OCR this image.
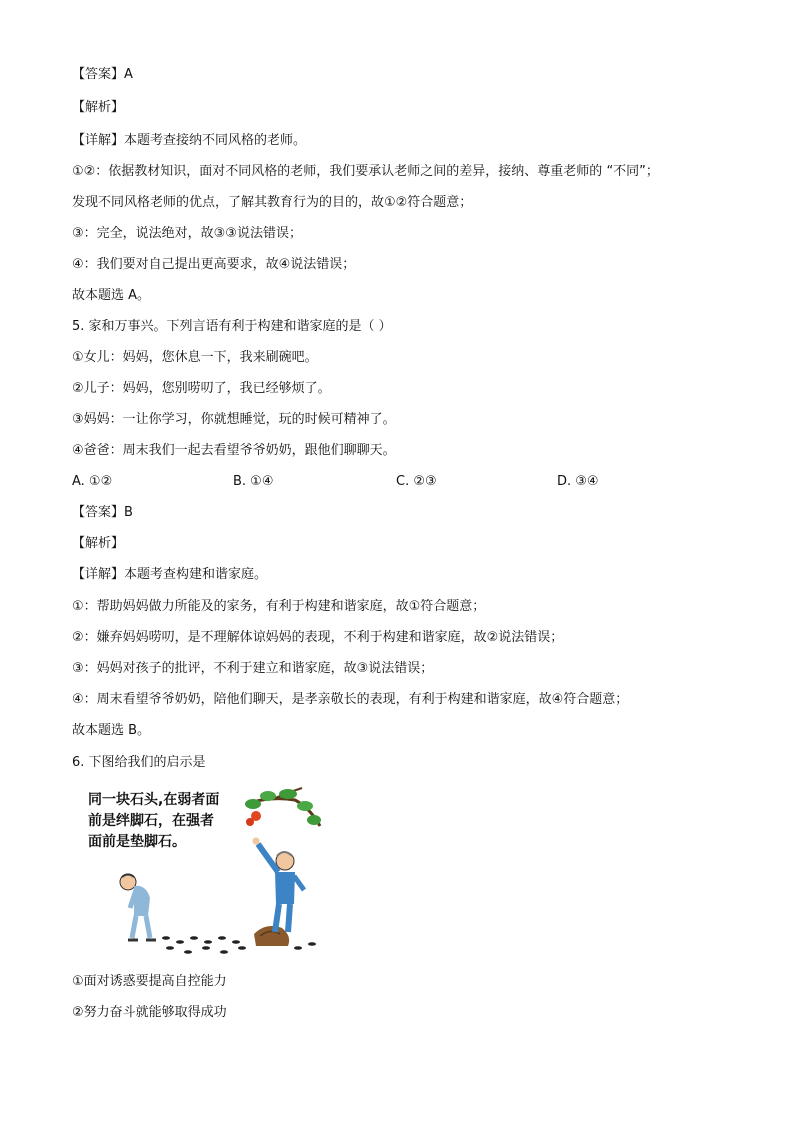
【答案】A
【解析】
【详解】本题考查接纳不同风格的老师。
①②：依据教材知识，面对不同风格的老师，我们要承认老师之间的差异，接纳、尊重老师的 “不同”；
发现不同风格老师的优点，了解其教育行为的目的，故①②符合题意；
③：完全，说法绝对，故③③说法错误；
④：我们要对自己提出更高要求，故④说法错误；
故本题选 A。
5. 家和万事兴。下列言语有利于构建和谐家庭的是（ ）
①女儿：妈妈，您休息一下，我来刷碗吧。
②儿子：妈妈，您别唠叨了，我已经够烦了。
③妈妈：一让你学习，你就想睡觉，玩的时候可精神了。
④爸爸：周末我们一起去看望爷爷奶奶，跟他们聊聊天。
A. ①②	B. ①④	C. ②③	D. ③④
【答案】B
【解析】
【详解】本题考查构建和谐家庭。
①：帮助妈妈做力所能及的家务，有利于构建和谐家庭，故①符合题意；
②：嫌弃妈妈唠叨，是不理解体谅妈妈的表现，不利于构建和谐家庭，故②说法错误；
③：妈妈对孩子的批评，不利于建立和谐家庭，故③说法错误；
④：周末看望爷爷奶奶，陪他们聊天，是孝亲敬长的表现，有利于构建和谐家庭，故④符合题意；
故本题选 B。
6. 下图给我们的启示是
同一块石头,在弱者面
前是绊脚石，在强者
面前是垫脚石。
①面对诱惑要提高自控能力
②努力奋斗就能够取得成功
